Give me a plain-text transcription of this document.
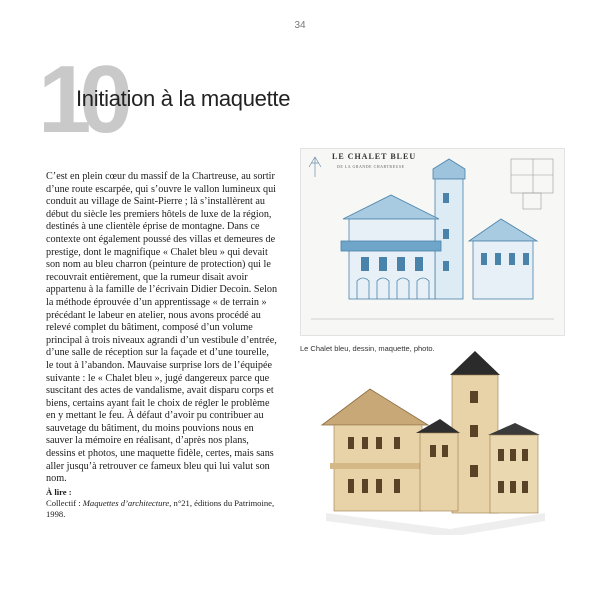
34
10
Initiation à la maquette

C’est en plein cœur du massif de la Chartreuse, au sortir d’une route escarpée, qui s’ouvre le vallon lumineux qui conduit au village de Saint-Pierre ; là s’installèrent au début du siècle les premiers hôtels de luxe de la région, destinés à une clientèle éprise de montagne. Dans ce contexte ont également poussé des villas et demeures de prestige, dont le magnifique « Chalet bleu » qui devait son nom au bleu charron (peinture de protection) qui le recouvrait entièrement, que la rumeur disait avoir appartenu à la famille de l’écrivain Didier Decoin. Selon la méthode éprouvée d’un apprentissage « de terrain » précédant le labeur en atelier, nous avons procédé au relevé complet du bâtiment, composé d’un volume principal à trois niveaux agrandi d’un vestibule d’entrée, d’une salle de réception sur la façade et d’une tourelle, le tout à l’abandon. Mauvaise surprise lors de l’équipée suivante : le « Chalet bleu », jugé dangereux parce que suscitant des actes de vandalisme, avait disparu corps et biens, certains ayant fait le choix de régler le problème en y mettant le feu. À défaut d’avoir pu contribuer au sauvetage du bâtiment, du moins pouvions nous en sauver la mémoire en réalisant, d’après nos plans, dessins et photos, une maquette fidèle, certes, mais sans aller jusqu’à retrouver ce fameux bleu qui lui valut son nom.

À lire :
Collectif : Maquettes d’architecture, n°21, éditions du Patrimoine, 1998.
LE CHALET BLEU
DE LA GRANDE CHARTREUSE
Le Chalet bleu, dessin, maquette, photo.
